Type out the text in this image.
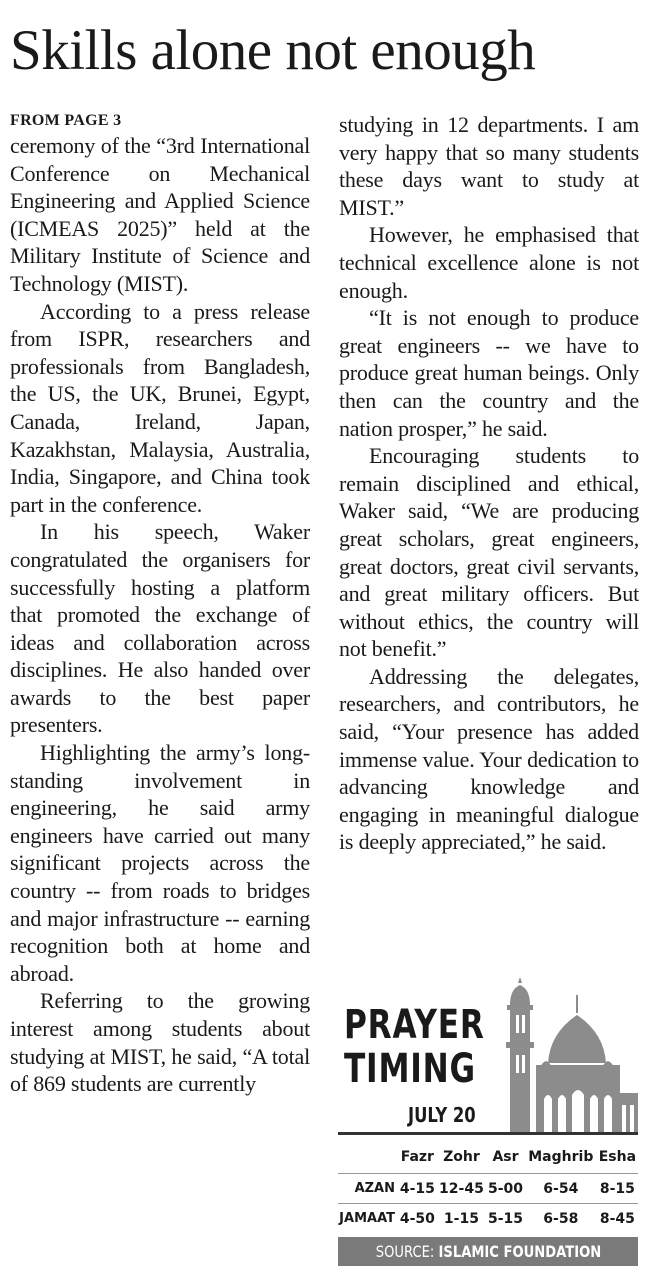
Skills alone not enough
FROM PAGE 3

ceremony of the “3rd International Conference on Mechanical Engineering and Applied Science (ICMEAS 2025)” held at the Military Institute of Science and Technology (MIST).

According to a press release from ISPR, researchers and professionals from Bangladesh, the US, the UK, Brunei, Egypt, Canada, Ireland, Japan, Kazakhstan, Malaysia, Australia, India, Singapore, and China took part in the conference.

In his speech, Waker congratulated the organisers for successfully hosting a platform that promoted the exchange of ideas and collaboration across disciplines. He also handed over awards to the best paper presenters.

Highlighting the army’s long-standing involvement in engineering, he said army engineers have carried out many significant projects across the country -- from roads to bridges and major infrastructure -- earning recognition both at home and abroad.

Referring to the growing interest among students about studying at MIST, he said, “A total of 869 students are currently

studying in 12 departments. I am very happy that so many students these days want to study at MIST.”

However, he emphasised that technical excellence alone is not enough.

“It is not enough to produce great engineers -- we have to produce great human beings. Only then can the country and the nation prosper,” he said.

Encouraging students to remain disciplined and ethical, Waker said, “We are producing great scholars, great engineers, great doctors, great civil servants, and great military officers. But without ethics, the country will not benefit.”

Addressing the delegates, researchers, and contributors, he said, “Your presence has added immense value. Your dedication to advancing knowledge and engaging in meaningful dialogue is deeply appreciated,” he said.

PRAYER
TIMING
JULY 20
	Fazr	Zohr	Asr	Maghrib	Esha
AZAN	4-15	12-45	5-00	6-54	8-15
JAMAAT	4-50	1-15	5-15	6-58	8-45
SOURCE: ISLAMIC FOUNDATION
